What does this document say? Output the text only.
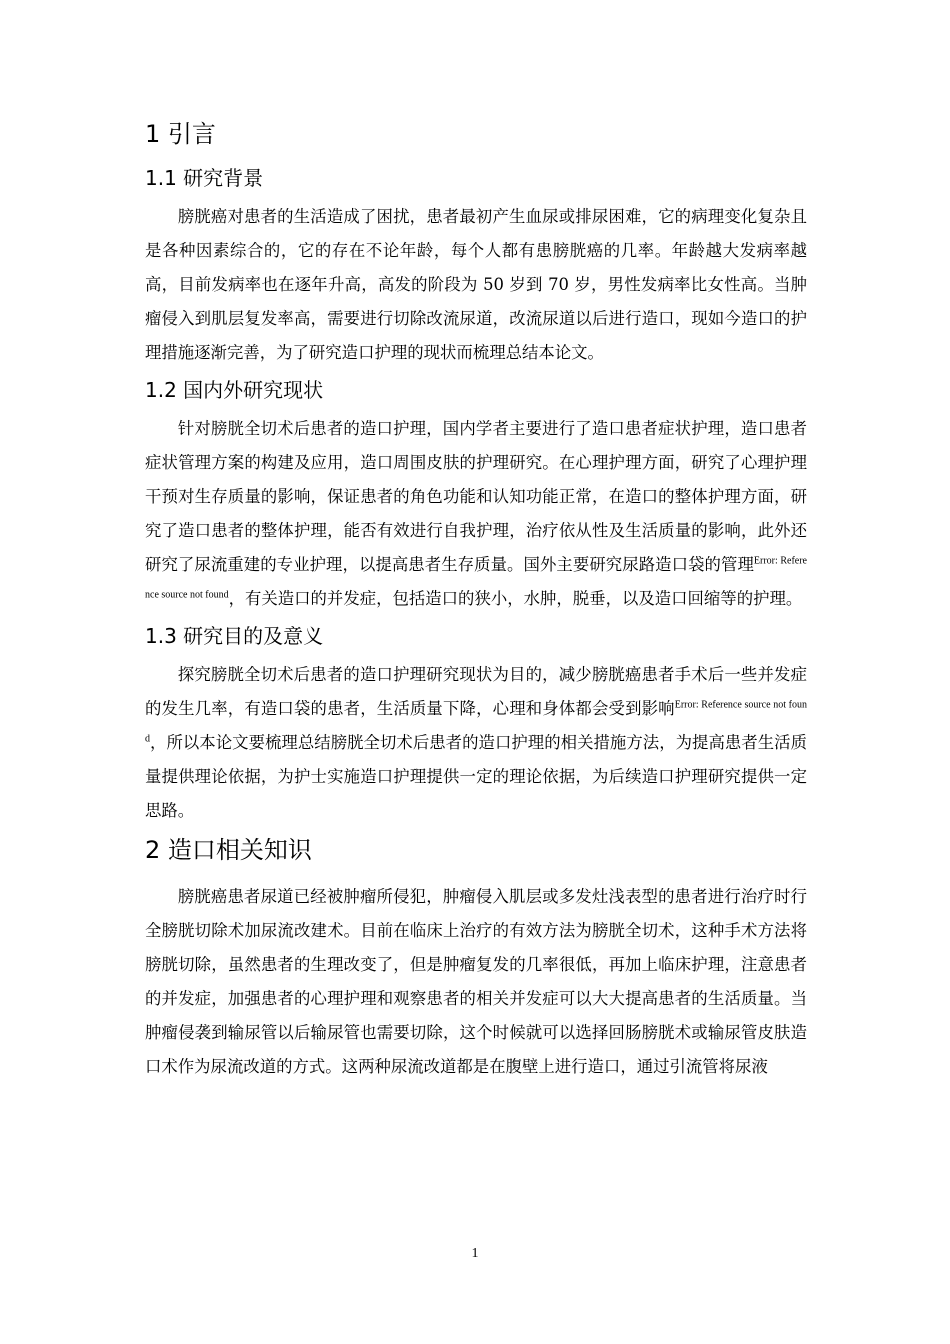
1 引言
1.1 研究背景

膀胱癌对患者的生活造成了困扰，患者最初产生血尿或排尿困难，它的病理变化复杂且是各种因素综合的，它的存在不论年龄，每个人都有患膀胱癌的几率。年龄越大发病率越高，目前发病率也在逐年升高，高发的阶段为 50 岁到 70 岁，男性发病率比女性高。当肿瘤侵入到肌层复发率高，需要进行切除改流尿道，改流尿道以后进行造口，现如今造口的护理措施逐渐完善，为了研究造口护理的现状而梳理总结本论文。

1.2 国内外研究现状

针对膀胱全切术后患者的造口护理，国内学者主要进行了造口患者症状护理，造口患者症状管理方案的构建及应用，造口周围皮肤的护理研究。在心理护理方面，研究了心理护理干预对生存质量的影响，保证患者的角色功能和认知功能正常，在造口的整体护理方面，研究了造口患者的整体护理，能否有效进行自我护理，治疗依从性及生活质量的影响，此外还研究了尿流重建的专业护理，以提高患者生存质量。国外主要研究尿路造口袋的管理$^{Error: Reference source not found}$，有关造口的并发症，包括造口的狭小，水肿，脱垂，以及造口回缩等的护理。

1.3 研究目的及意义

探究膀胱全切术后患者的造口护理研究现状为目的，减少膀胱癌患者手术后一些并发症的发生几率，有造口袋的患者，生活质量下降，心理和身体都会受到影响$^{Error: Reference source not found}$，所以本论文要梳理总结膀胱全切术后患者的造口护理的相关措施方法，为提高患者生活质量提供理论依据，为护士实施造口护理提供一定的理论依据，为后续造口护理研究提供一定思路。

2 造口相关知识

膀胱癌患者尿道已经被肿瘤所侵犯，肿瘤侵入肌层或多发灶浅表型的患者进行治疗时行全膀胱切除术加尿流改建术。目前在临床上治疗的有效方法为膀胱全切术，这种手术方法将膀胱切除，虽然患者的生理改变了，但是肿瘤复发的几率很低，再加上临床护理，注意患者的并发症，加强患者的心理护理和观察患者的相关并发症可以大大提高患者的生活质量。当肿瘤侵袭到输尿管以后输尿管也需要切除，这个时候就可以选择回肠膀胱术或输尿管皮肤造口术作为尿流改道的方式。这两种尿流改道都是在腹壁上进行造口，通过引流管将尿液

1
